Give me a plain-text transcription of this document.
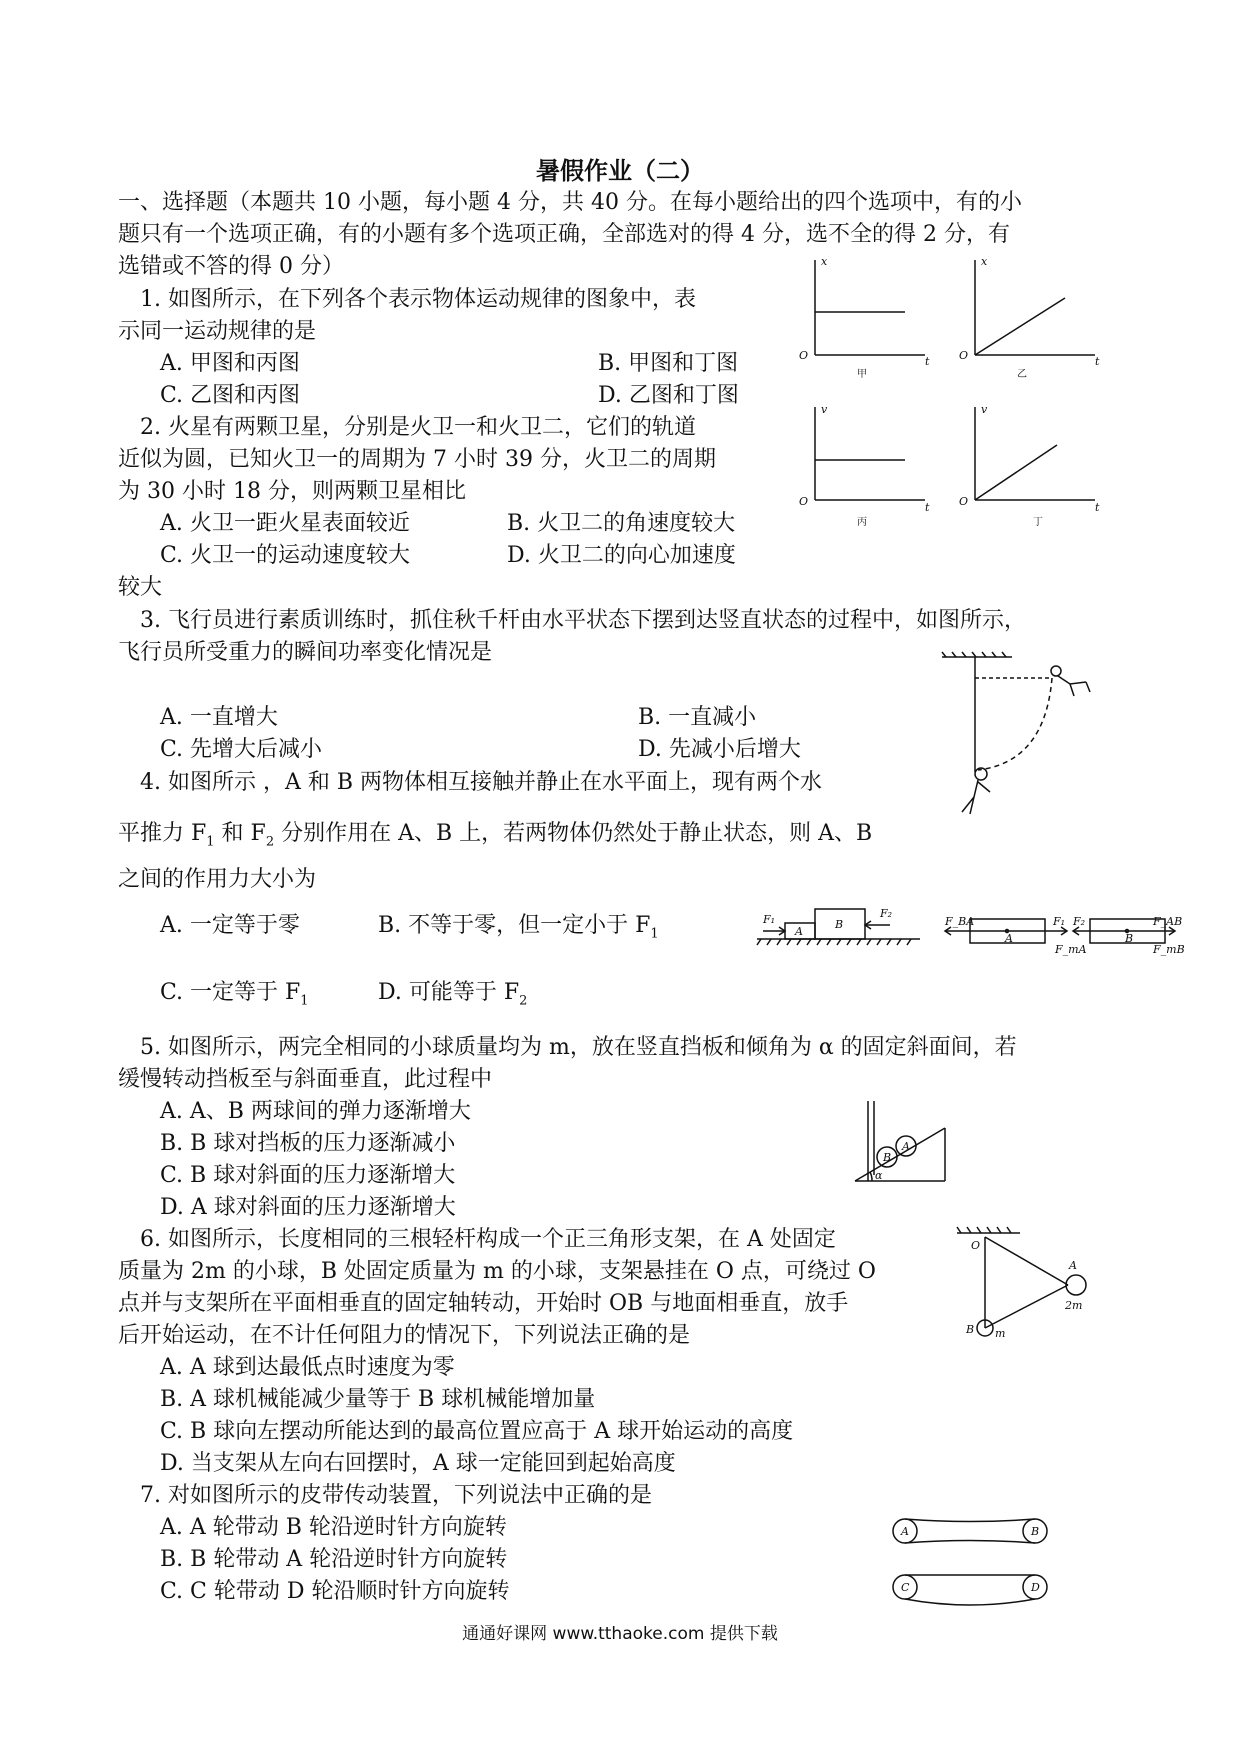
暑假作业（二）
一、选择题（本题共 10 小题，每小题 4 分，共 40 分。在每小题给出的四个选项中，有的小
题只有一个选项正确，有的小题有多个选项正确，全部选对的得 4 分，选不全的得 2 分，有
选错或不答的得 0 分）
1. 如图所示，在下列各个表示物体运动规律的图象中，表
示同一运动规律的是
A. 甲图和丙图	B. 甲图和丁图
C. 乙图和丙图	D. 乙图和丁图
x
O	t
甲
x
O	t
乙
v
O	t
丙
v
O	t
丁
2. 火星有两颗卫星，分别是火卫一和火卫二，它们的轨道
近似为圆，已知火卫一的周期为 7 小时 39 分，火卫二的周期
为 30 小时 18 分，则两颗卫星相比
A. 火卫一距火星表面较近	B. 火卫二的角速度较大
C. 火卫一的运动速度较大	D. 火卫二的向心加速度
较大
3. 飞行员进行素质训练时，抓住秋千杆由水平状态下摆到达竖直状态的过程中，如图所示，
飞行员所受重力的瞬间功率变化情况是
A. 一直增大	B. 一直减小
C. 先增大后减小	D. 先减小后增大
4. 如图所示 ，A 和 B 两物体相互接触并静止在水平面上，现有两个水
平推力 $F_1$ 和 $F_2$ 分别作用在 A、B 上，若两物体仍然处于静止状态，则 A、B
之间的作用力大小为
A. 一定等于零	B. 不等于零，但一定小于 $F_1$
C. 一定等于 $F_1$	D. 可能等于 $F_2$
A
B
F₁	F₂
A
F_BA	F₁
F_mA
B
F₂	F_AB
F_mB
5. 如图所示，两完全相同的小球质量均为 m，放在竖直挡板和倾角为 α 的固定斜面间，若
缓慢转动挡板至与斜面垂直，此过程中
A. A、B 两球间的弹力逐渐增大
B. B 球对挡板的压力逐渐减小
C. B 球对斜面的压力逐渐增大
D. A 球对斜面的压力逐渐增大
B
A
α
6. 如图所示，长度相同的三根轻杆构成一个正三角形支架，在 A 处固定
质量为 2m 的小球，B 处固定质量为 m 的小球，支架悬挂在 O 点，可绕过 O
点并与支架所在平面相垂直的固定轴转动，开始时 OB 与地面相垂直，放手
后开始运动，在不计任何阻力的情况下，下列说法正确的是
A. A 球到达最低点时速度为零
B. A 球机械能减少量等于 B 球机械能增加量
C. B 球向左摆动所能达到的最高位置应高于 A 球开始运动的高度
D. 当支架从左向右回摆时，A 球一定能回到起始高度
O
A
2m
B m
7. 对如图所示的皮带传动装置，下列说法中正确的是
A. A 轮带动 B 轮沿逆时针方向旋转
B. B 轮带动 A 轮沿逆时针方向旋转
C. C 轮带动 D 轮沿顺时针方向旋转
A	B
C	D
通通好课网 www.tthaoke.com 提供下载
